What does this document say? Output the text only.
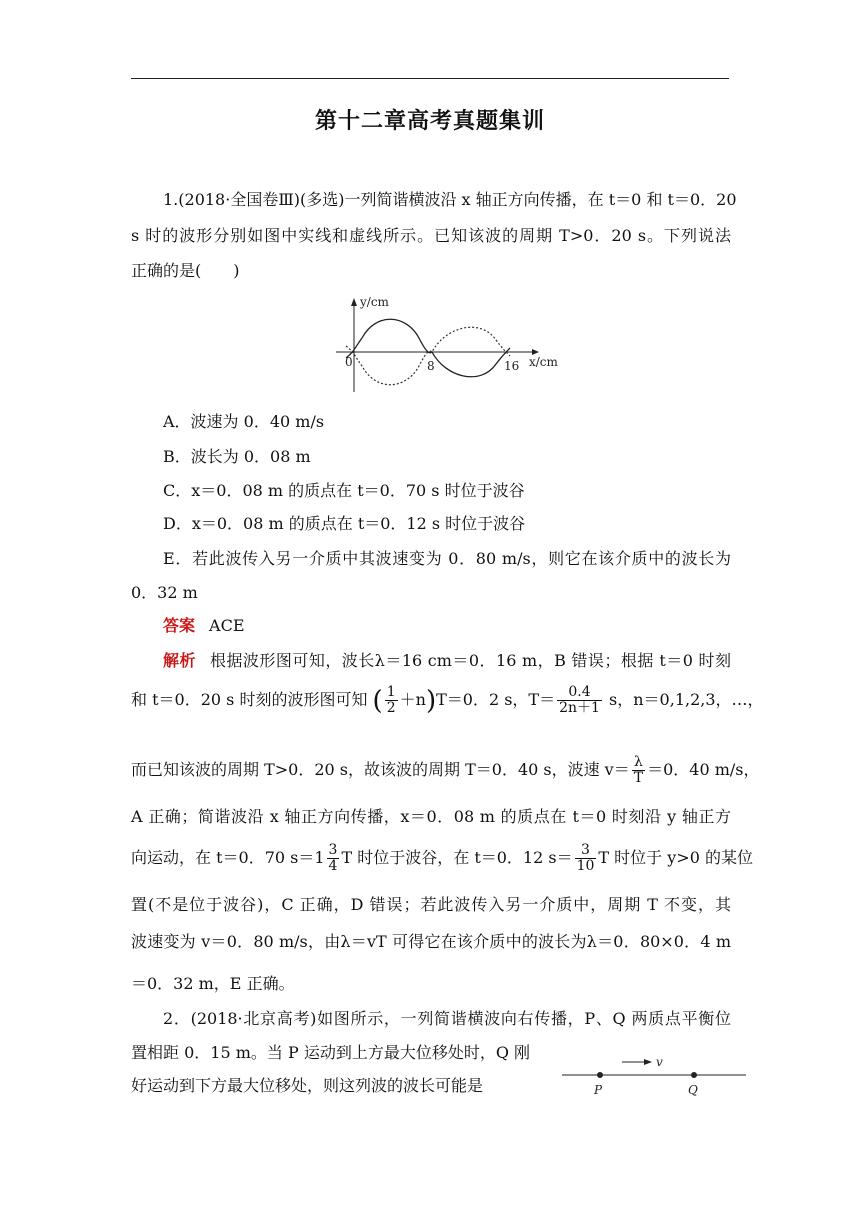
第十二章高考真题集训
1.(2018·全国卷Ⅲ)(多选)一列简谐横波沿 x 轴正方向传播，在 t＝0 和 t＝0．20
s 时的波形分别如图中实线和虚线所示。已知该波的周期 T>0．20 s。下列说法
正确的是(　　)
y/cm
x/cm
0	8	16
A．波速为 0．40 m/s
B．波长为 0．08 m
C．x＝0．08 m 的质点在 t＝0．70 s 时位于波谷
D．x＝0．08 m 的质点在 t＝0．12 s 时位于波谷
E．若此波传入另一介质中其波速变为 0．80 m/s，则它在该介质中的波长为
0．32 m
答案 ACE
解析 根据波形图可知，波长λ＝16 cm＝0．16 m，B 错误；根据 t＝0 时刻
和 t＝0．20 s 时刻的波形图可知 ( $\frac{1}{2} +n)T=0$．2 s，$T= \frac{0.4}{2n+1}$ s，n＝0,1,2,3，…，
而已知该波的周期 T>0．20 s，故该波的周期 T＝0．40 s，波速 $v= \frac{\lambda}{T} =0$．40 m/s，
A 正确；简谐波沿 x 轴正方向传播，x＝0．08 m 的质点在 t＝0 时刻沿 y 轴正方
向运动，在 t＝0．70 $s=1 \frac{3}{4}$ T 时位于波谷，在 t＝0．12 $s= \frac{3}{10}$ T 时位于 y>0 的某位
置(不是位于波谷)，C 正确，D 错误；若此波传入另一介质中，周期 T 不变，其
波速变为 v＝0．80 m/s，由λ＝vT 可得它在该介质中的波长为λ＝0．80×0．4 m
＝0．32 m，E 正确。
2．(2018·北京高考)如图所示，一列简谐横波向右传播，P、Q 两质点平衡位
置相距 0．15 m。当 P 运动到上方最大位移处时，Q 刚
好运动到下方最大位移处，则这列波的波长可能是
v
P	Q
